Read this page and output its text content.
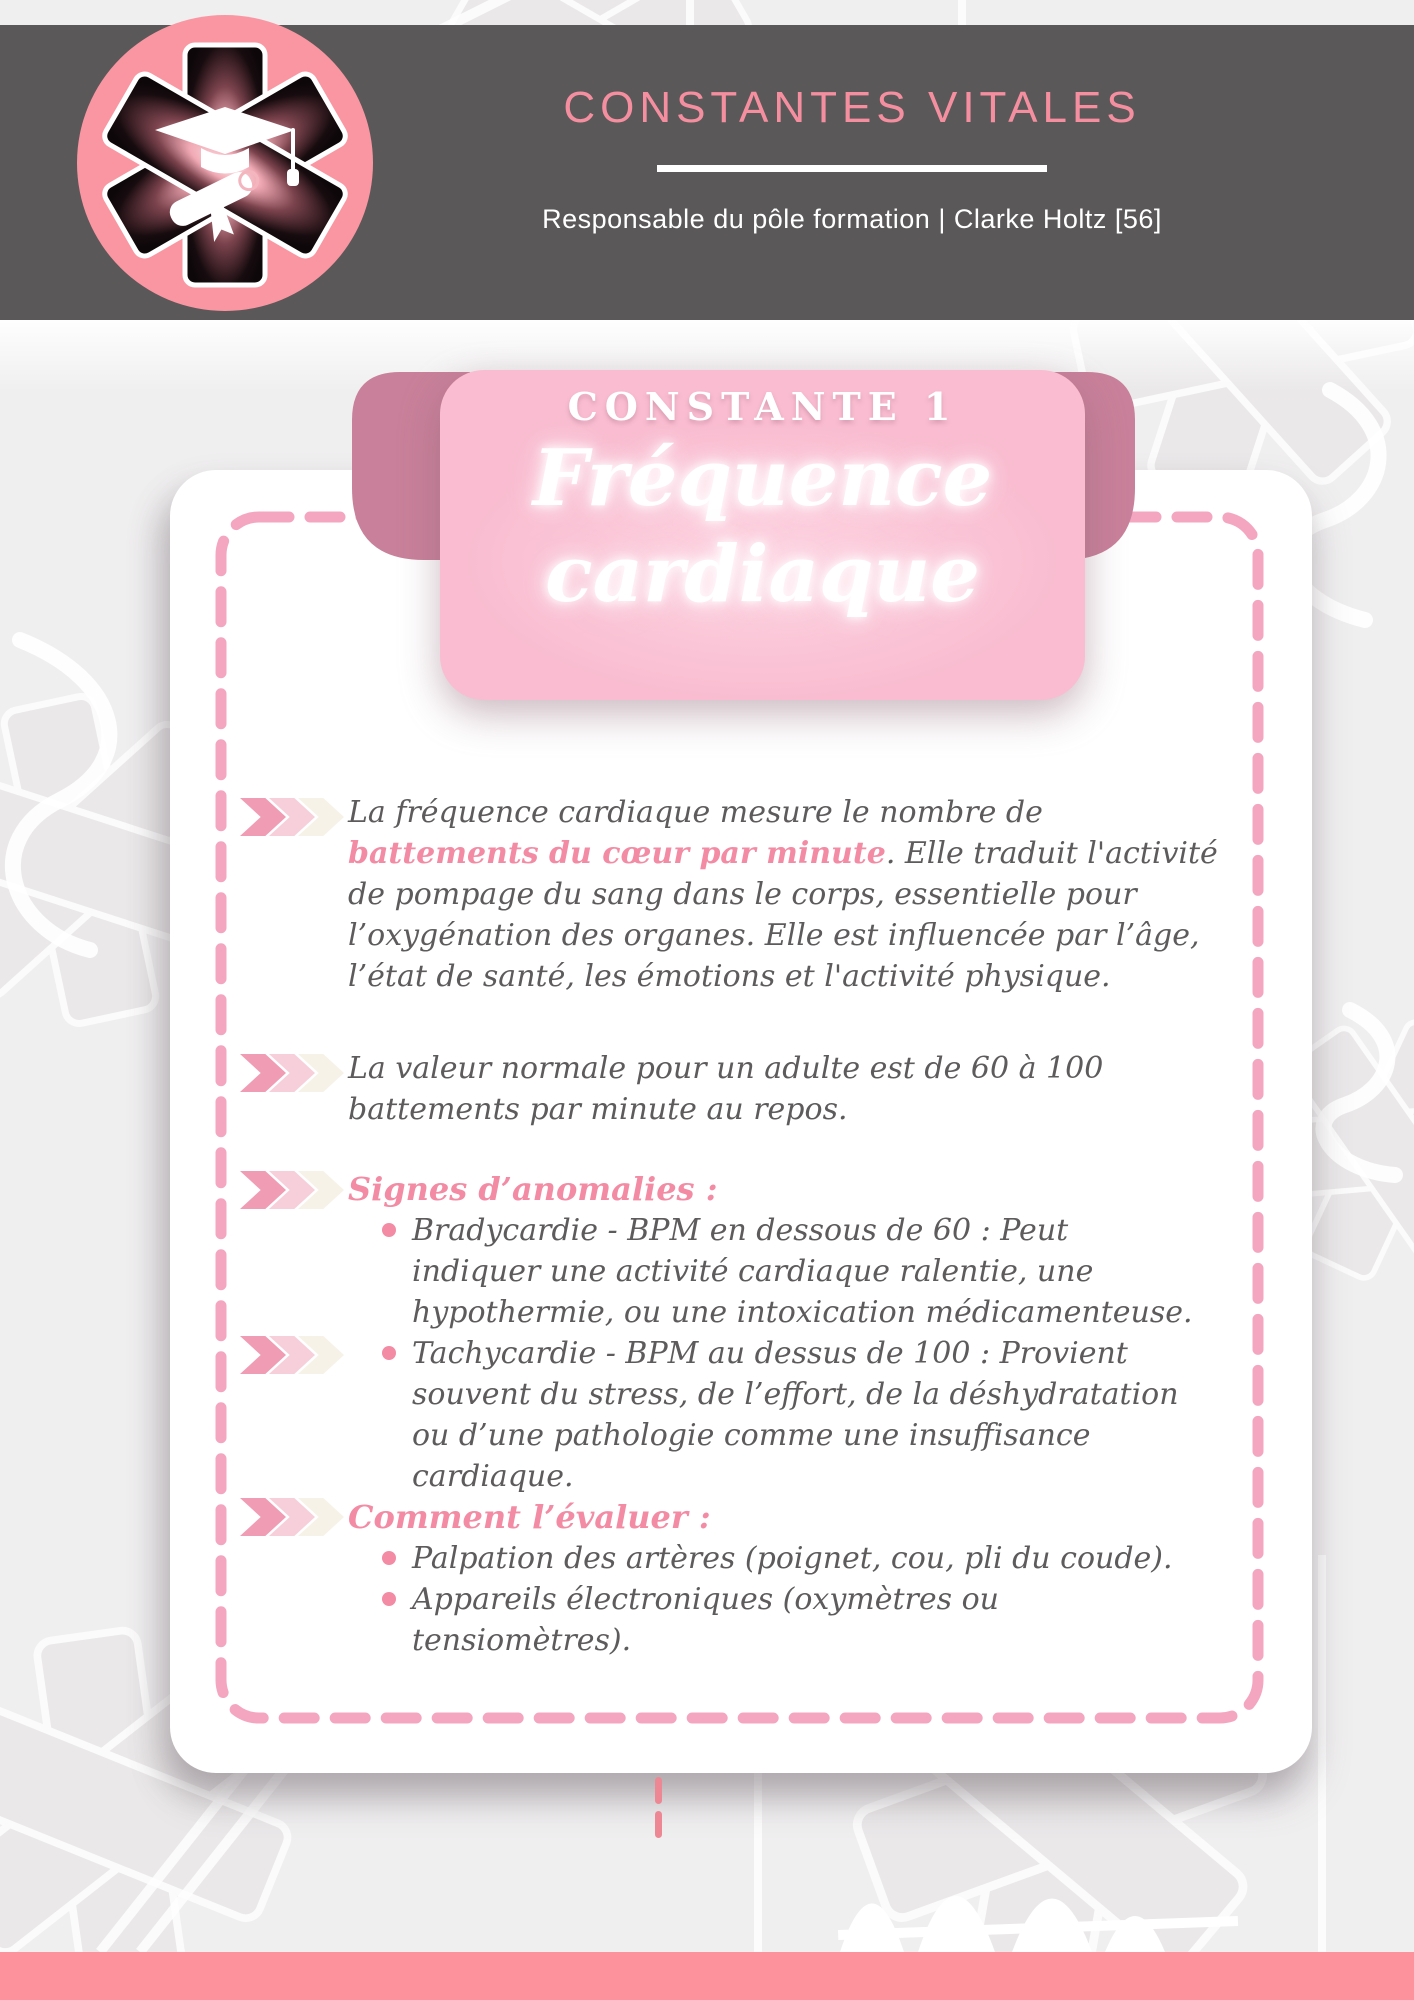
La fréquence cardiaque mesure le nombre de
battements du cœur par minute. Elle traduit l'activité
de pompage du sang dans le corps, essentielle pour
l’oxygénation des organes. Elle est influencée par l’âge,
l’état de santé, les émotions et l'activité physique.
La valeur normale pour un adulte est de 60 à 100
battements par minute au repos.
Signes d’anomalies :
Bradycardie - BPM en dessous de 60 : Peut
indiquer une activité cardiaque ralentie, une
hypothermie, ou une intoxication médicamenteuse.
Tachycardie - BPM au dessus de 100 : Provient
souvent du stress, de l’effort, de la déshydratation
ou d’une pathologie comme une insuffisance
cardiaque.
Comment l’évaluer :
Palpation des artères (poignet, cou, pli du coude).
Appareils électroniques (oxymètres ou
tensiomètres).
CONSTANTE 1
Fréquence
cardiaque
CONSTANTES VITALES
Responsable du pôle formation | Clarke Holtz [56]
